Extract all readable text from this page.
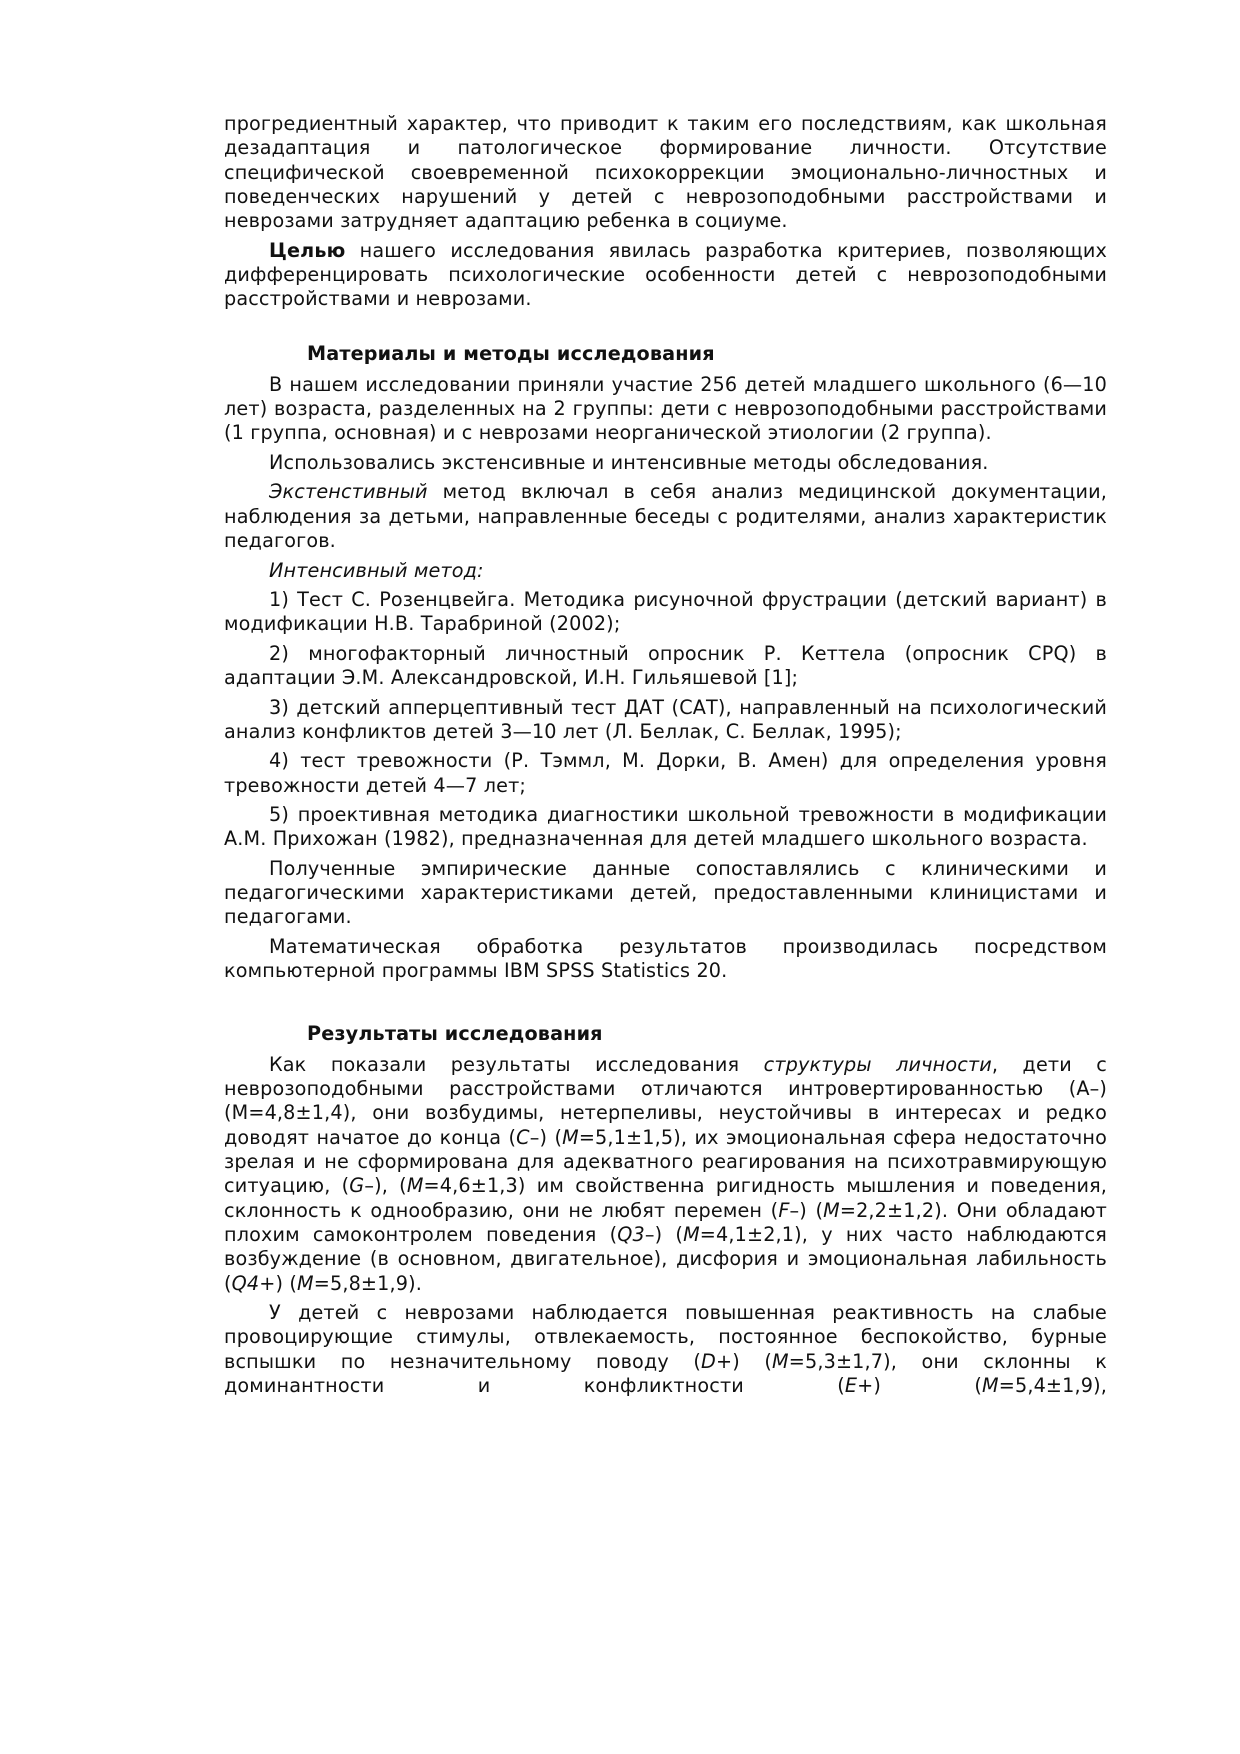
прогредиентный характер, что приводит к таким его последствиям, как школьная дезадаптация и патологическое формирование личности. Отсутствие специфической своевременной психокоррекции эмоционально-личностных и поведенческих нарушений у детей с неврозоподобными расстройствами и неврозами затрудняет адаптацию ребенка в социуме.

Целью нашего исследования явилась разработка критериев, позволяющих дифференцировать психологические особенности детей с неврозоподобными расстройствами и неврозами.

Материалы и методы исследования

В нашем исследовании приняли участие 256 детей младшего школьного (6—10 лет) возраста, разделенных на 2 группы: дети с неврозоподобными расстройствами (1 группа, основная) и с неврозами неорганической этиологии (2 группа).

Использовались экстенсивные и интенсивные методы обследования.

Экстенстивный метод включал в себя анализ медицинской документации, наблюдения за детьми, направленные беседы с родителями, анализ характеристик педагогов.

Интенсивный метод:

1) Тест С. Розенцвейга. Методика рисуночной фрустрации (детский вариант) в модификации Н.В. Тарабриной (2002);

2) многофакторный личностный опросник Р. Кеттела (опросник CPQ) в адаптации Э.М. Александровской, И.Н. Гильяшевой [1];

3) детский апперцептивный тест ДАТ (САТ), направленный на психологический анализ конфликтов детей 3—10 лет (Л. Беллак, С. Беллак, 1995);

4) тест тревожности (Р. Тэммл, М. Дорки, В. Амен) для определения уровня тревожности детей 4—7 лет;

5) проективная методика диагностики школьной тревожности в модификации А.М. Прихожан (1982), предназначенная для детей младшего школьного возраста.

Полученные эмпирические данные сопоставлялись с клиническими и педагогическими характеристиками детей, предоставленными клиницистами и педагогами.

Математическая обработка результатов производилась посредством компьютерной программы IBM SPSS Statistics 20.

Результаты исследования

Как показали результаты исследования структуры личности, дети с неврозоподобными расстройствами отличаются интровертированностью (А–) (М=4,8±1,4), они возбудимы, нетерпеливы, неустойчивы в интересах и редко доводят начатое до конца (C–) (M=5,1±1,5), их эмоциональная сфера недостаточно зрелая и не сформирована для адекватного реагирования на психотравмирующую ситуацию, (G–), (M=4,6±1,3) им свойственна ригидность мышления и поведения, склонность к однообразию, они не любят перемен (F–) (M=2,2±1,2). Они обладают плохим самоконтролем поведения (Q3–) (M=4,1±2,1), у них часто наблюдаются возбуждение (в основном, двигательное), дисфория и эмоциональная лабильность (Q4+) (M=5,8±1,9).

У детей с неврозами наблюдается повышенная реактивность на слабые провоцирующие стимулы, отвлекаемость, постоянное беспокойство, бурные вспышки по незначительному поводу (D+) (M=5,3±1,7), они склонны к доминантности и конфликтности (E+) (M=5,4±1,9),
